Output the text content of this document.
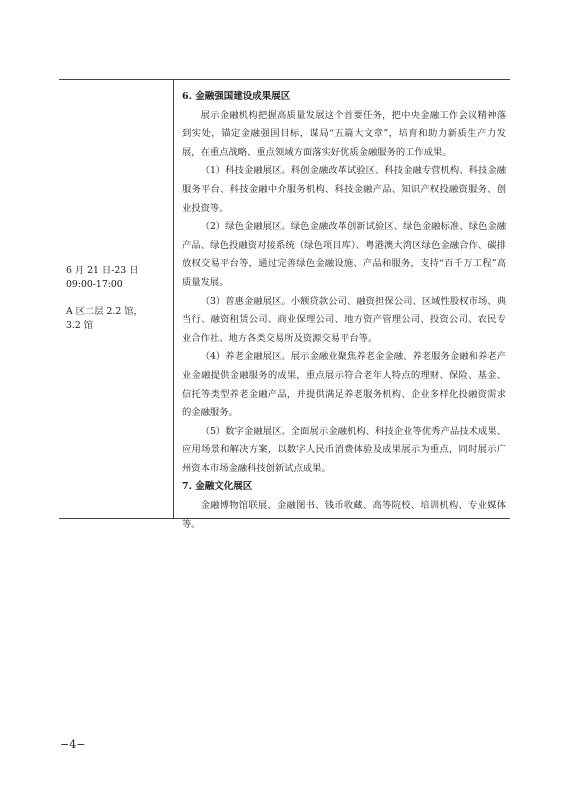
6 月 21 日-23 日

09:00-17:00

A 区二层 2.2 馆，

3.2 馆

6. 金融强国建设成果展区

展示金融机构把握高质量发展这个首要任务，把中央金融工作会议精神落到实处，锚定金融强国目标，谋局“五篇大文章”，培育和助力新质生产力发展，在重点战略、重点领域方面落实好优质金融服务的工作成果。

（1）科技金融展区。科创金融改革试验区、科技金融专营机构、科技金融服务平台、科技金融中介服务机构、科技金融产品、知识产权投融资服务、创业投资等。

（2）绿色金融展区。绿色金融改革创新试验区、绿色金融标准、绿色金融产品、绿色投融资对接系统（绿色项目库）、粤港澳大湾区绿色金融合作、碳排放权交易平台等，通过完善绿色金融设施、产品和服务，支持“百千万工程”高质量发展。

（3）普惠金融展区。小额贷款公司、融资担保公司、区域性股权市场、典当行、融资租赁公司、商业保理公司、地方资产管理公司、投资公司、农民专业合作社、地方各类交易所及资源交易平台等。

（4）养老金融展区。展示金融业聚焦养老金金融、养老服务金融和养老产业金融提供金融服务的成果，重点展示符合老年人特点的理财、保险、基金、信托等类型养老金融产品，并提供满足养老服务机构、企业多样化投融资需求的金融服务。

（5）数字金融展区。全面展示金融机构、科技企业等优秀产品技术成果、应用场景和解决方案，以数字人民币消费体验及成果展示为重点，同时展示广州资本市场金融科技创新试点成果。

7. 金融文化展区

金融博物馆联展、金融图书、钱币收藏、高等院校、培训机构、专业媒体等。

−4−
